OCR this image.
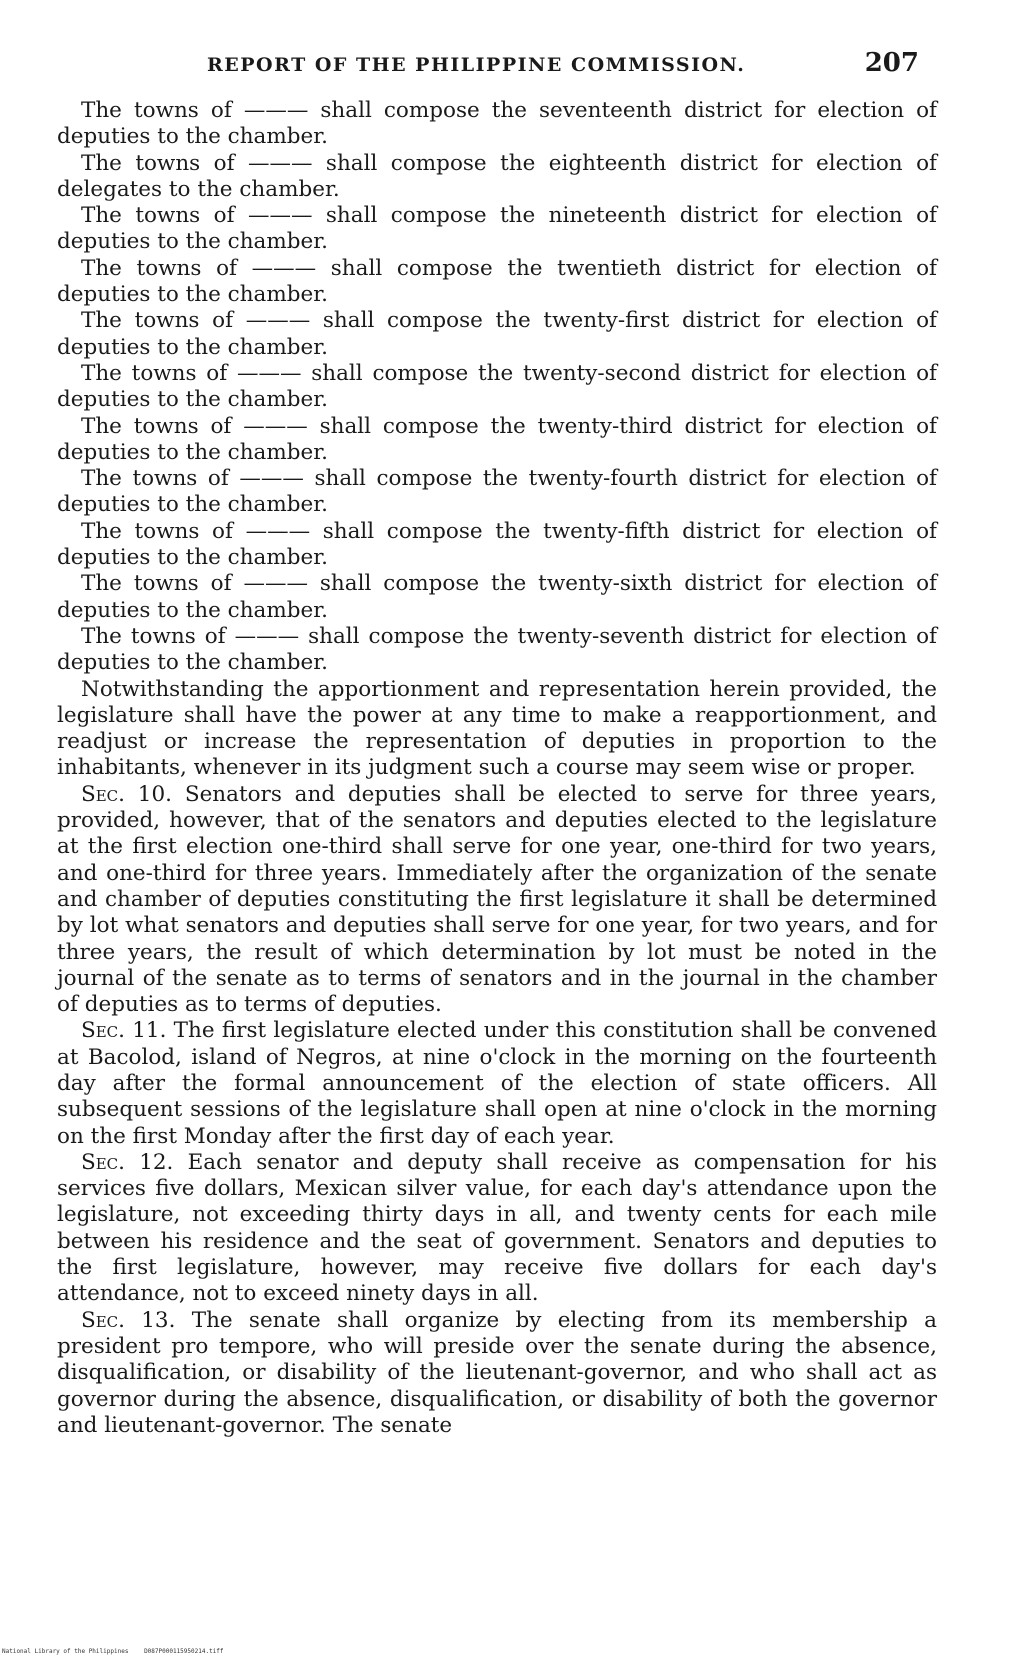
REPORT OF THE PHILIPPINE COMMISSION.	207

The towns of ——— shall compose the seventeenth district for election of deputies to the chamber.

The towns of ——— shall compose the eighteenth district for election of delegates to the chamber.

The towns of ——— shall compose the nineteenth district for election of deputies to the chamber.

The towns of ——— shall compose the twentieth district for election of deputies to the chamber.

The towns of ——— shall compose the twenty-first district for election of deputies to the chamber.

The towns of ——— shall compose the twenty-second district for election of deputies to the chamber.

The towns of ——— shall compose the twenty-third district for election of deputies to the chamber.

The towns of ——— shall compose the twenty-fourth district for election of deputies to the chamber.

The towns of ——— shall compose the twenty-fifth district for election of deputies to the chamber.

The towns of ——— shall compose the twenty-sixth district for election of deputies to the chamber.

The towns of ——— shall compose the twenty-seventh district for election of deputies to the chamber.

Notwithstanding the apportionment and representation herein provided, the legislature shall have the power at any time to make a reapportionment, and readjust or increase the representation of deputies in proportion to the inhabitants, whenever in its judgment such a course may seem wise or proper.

Sec. 10. Senators and deputies shall be elected to serve for three years, provided, however, that of the senators and deputies elected to the legislature at the first election one-third shall serve for one year, one-third for two years, and one-third for three years. Immediately after the organization of the senate and chamber of deputies constituting the first legislature it shall be determined by lot what senators and deputies shall serve for one year, for two years, and for three years, the result of which determination by lot must be noted in the journal of the senate as to terms of senators and in the journal in the chamber of deputies as to terms of deputies.

Sec. 11. The first legislature elected under this constitution shall be convened at Bacolod, island of Negros, at nine o'clock in the morning on the fourteenth day after the formal announcement of the election of state officers. All subsequent sessions of the legislature shall open at nine o'clock in the morning on the first Monday after the first day of each year.

Sec. 12. Each senator and deputy shall receive as compensation for his services five dollars, Mexican silver value, for each day's attendance upon the legislature, not exceeding thirty days in all, and twenty cents for each mile between his residence and the seat of government. Senators and deputies to the first legislature, however, may receive five dollars for each day's attendance, not to exceed ninety days in all.

Sec. 13. The senate shall organize by electing from its membership a president pro tempore, who will preside over the senate during the absence, disqualification, or disability of the lieutenant-governor, and who shall act as governor during the absence, disqualification, or disability of both the governor and lieutenant-governor. The senate

National Library of the Philippines	D087P000115950214.tiff
